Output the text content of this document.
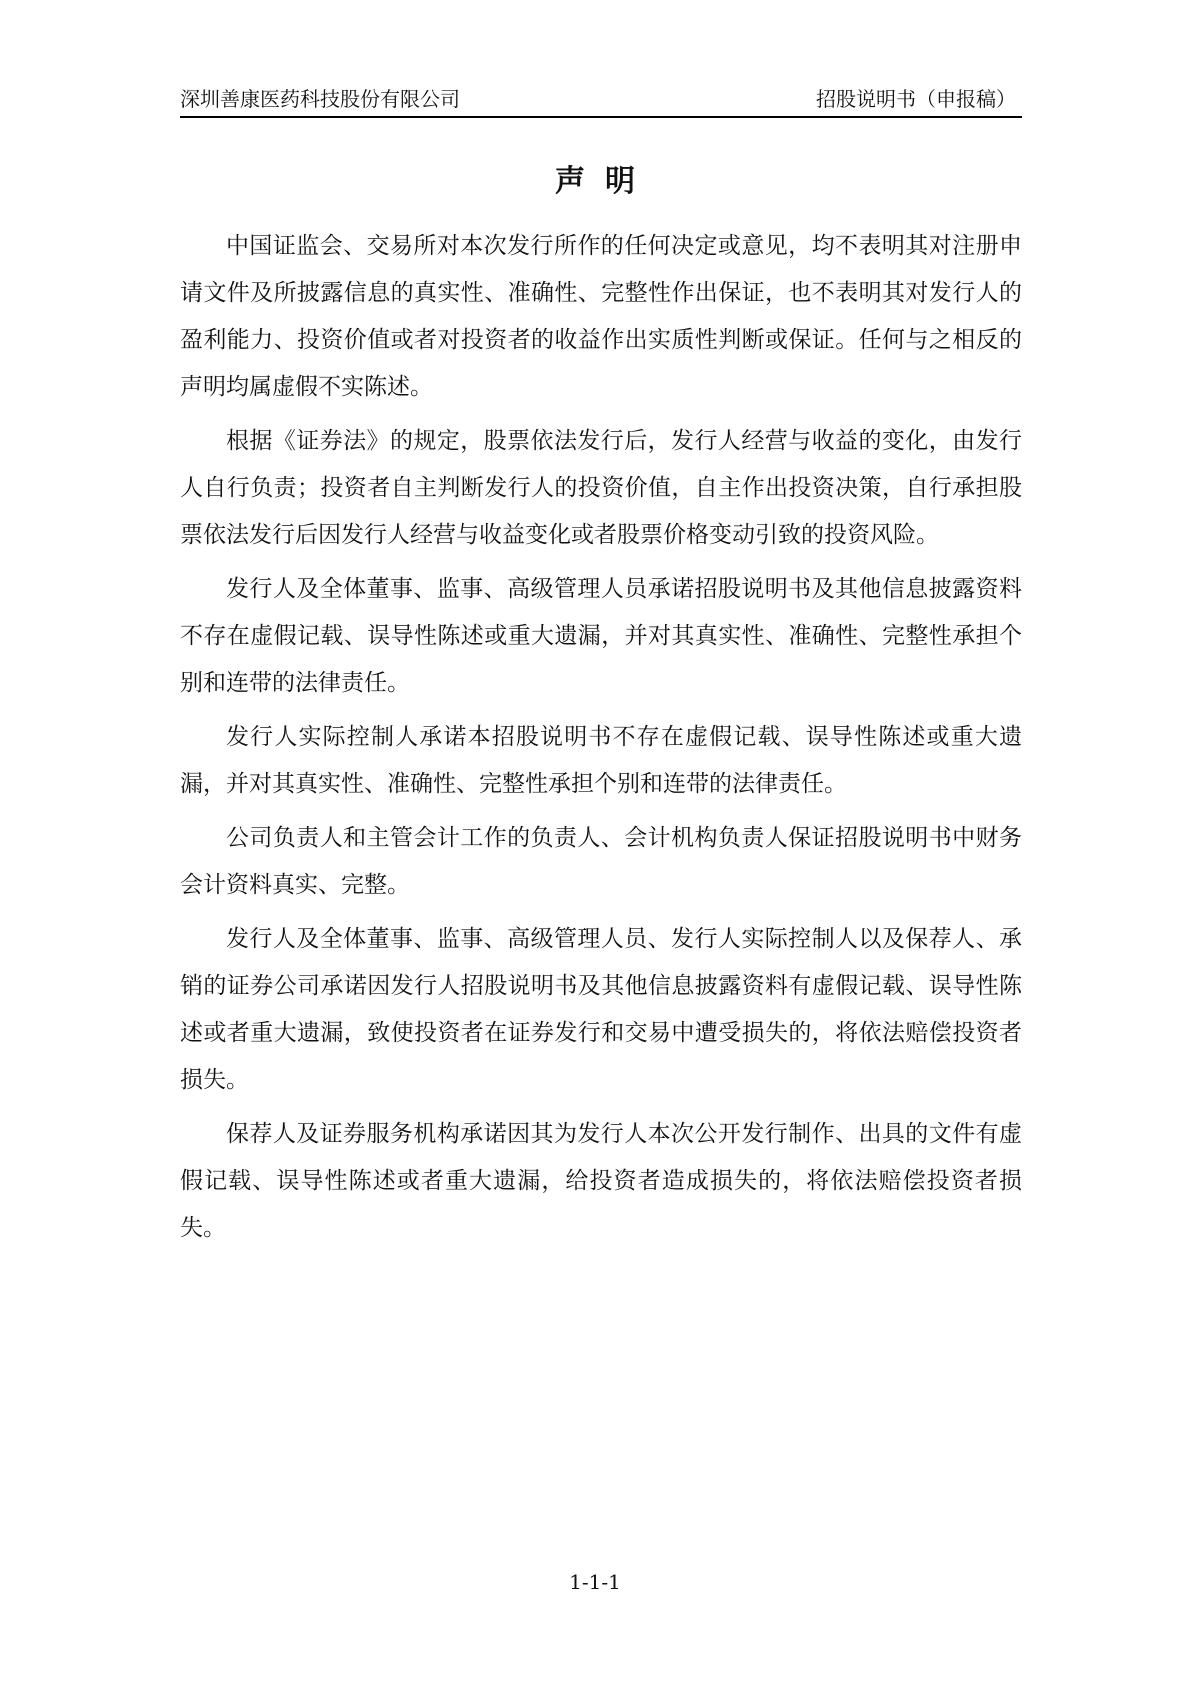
深圳善康医药科技股份有限公司	招股说明书（申报稿）
声明

中国证监会、交易所对本次发行所作的任何决定或意见，均不表明其对注册申请文件及所披露信息的真实性、准确性、完整性作出保证，也不表明其对发行人的盈利能力、投资价值或者对投资者的收益作出实质性判断或保证。任何与之相反的声明均属虚假不实陈述。

根据《证券法》的规定，股票依法发行后，发行人经营与收益的变化，由发行人自行负责；投资者自主判断发行人的投资价值，自主作出投资决策，自行承担股票依法发行后因发行人经营与收益变化或者股票价格变动引致的投资风险。

发行人及全体董事、监事、高级管理人员承诺招股说明书及其他信息披露资料不存在虚假记载、误导性陈述或重大遗漏，并对其真实性、准确性、完整性承担个别和连带的法律责任。

发行人实际控制人承诺本招股说明书不存在虚假记载、误导性陈述或重大遗漏，并对其真实性、准确性、完整性承担个别和连带的法律责任。

公司负责人和主管会计工作的负责人、会计机构负责人保证招股说明书中财务会计资料真实、完整。

发行人及全体董事、监事、高级管理人员、发行人实际控制人以及保荐人、承销的证券公司承诺因发行人招股说明书及其他信息披露资料有虚假记载、误导性陈述或者重大遗漏，致使投资者在证券发行和交易中遭受损失的，将依法赔偿投资者损失。

保荐人及证券服务机构承诺因其为发行人本次公开发行制作、出具的文件有虚假记载、误导性陈述或者重大遗漏，给投资者造成损失的，将依法赔偿投资者损失。

1-1-1
